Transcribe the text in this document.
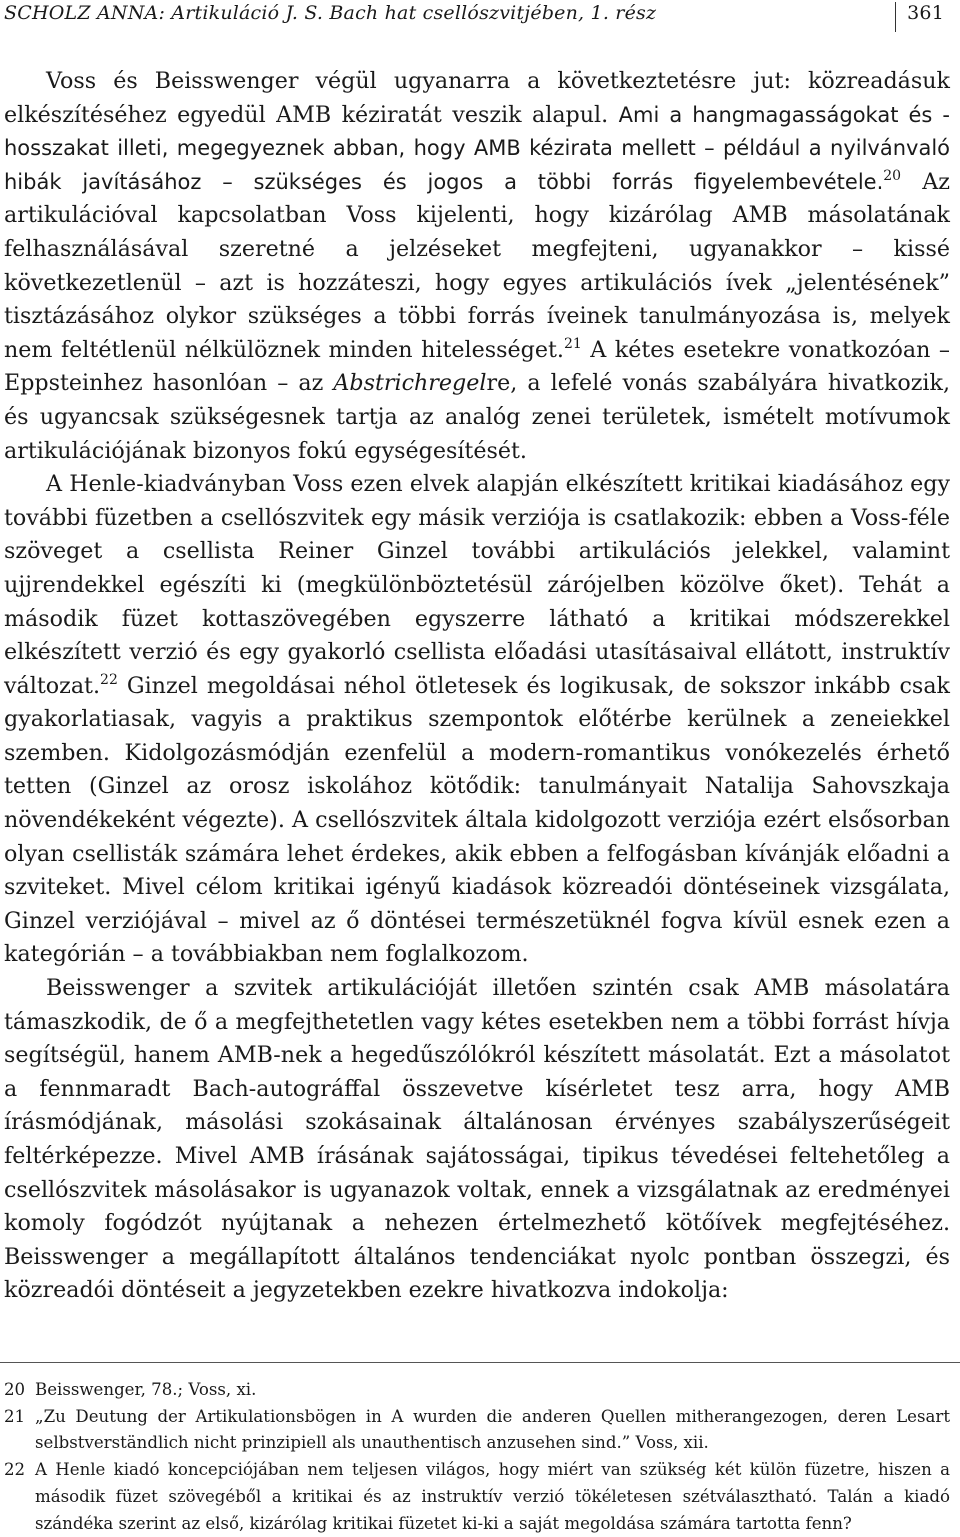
SCHOLZ ANNA: Artikuláció J. S. Bach hat csellószvitjében, 1. rész	361

Voss és Beisswenger végül ugyanarra a következtetésre jut: közreadásuk elkészítéséhez egyedül AMB kéziratát veszik alapul. Ami a hangmagasságokat és -hosszakat illeti, megegyeznek abban, hogy AMB kézirata mellett – például a nyilvánvaló hibák javításához – szükséges és jogos a többi forrás figyelembevétele.$^{20}$ Az artikulációval kapcsolatban Voss kijelenti, hogy kizárólag AMB másolatának felhasználásával szeretné a jelzéseket megfejteni, ugyanakkor – kissé következetlenül – azt is hozzáteszi, hogy egyes artikulációs ívek „jelentésének” tisztázásához olykor szükséges a többi forrás íveinek tanulmányozása is, melyek nem feltétlenül nélkülöznek minden hitelességet.$^{21}$ A kétes esetekre vonatkozóan – Eppsteinhez hasonlóan – az Abstrichregelre, a lefelé vonás szabályára hivatkozik, és ugyancsak szükségesnek tartja az analóg zenei területek, ismételt motívumok artikulációjának bizonyos fokú egységesítését.

A Henle-kiadványban Voss ezen elvek alapján elkészített kritikai kiadásához egy további füzetben a csellószvitek egy másik verziója is csatlakozik: ebben a Voss-féle szöveget a csellista Reiner Ginzel további artikulációs jelekkel, valamint ujjrendekkel egészíti ki (megkülönböztetésül zárójelben közölve őket). Tehát a második füzet kottaszövegében egyszerre látható a kritikai módszerekkel elkészített verzió és egy gyakorló csellista előadási utasításaival ellátott, instruktív változat.$^{22}$ Ginzel megoldásai néhol ötletesek és logikusak, de sokszor inkább csak gyakorlatiasak, vagyis a praktikus szempontok előtérbe kerülnek a zeneiekkel szemben. Kidolgozásmódján ezenfelül a modern-romantikus vonókezelés érhető tetten (Ginzel az orosz iskolához kötődik: tanulmányait Natalija Sahovszkaja növendékeként végezte). A csellószvitek általa kidolgozott verziója ezért elsősorban olyan csellisták számára lehet érdekes, akik ebben a felfogásban kívánják előadni a szviteket. Mivel célom kritikai igényű kiadások közreadói döntéseinek vizsgálata, Ginzel verziójával – mivel az ő döntései természetüknél fogva kívül esnek ezen a kategórián – a továbbiakban nem foglalkozom.

Beisswenger a szvitek artikulációját illetően szintén csak AMB másolatára támaszkodik, de ő a megfejthetetlen vagy kétes esetekben nem a többi forrást hívja segítségül, hanem AMB-nek a hegedűszólókról készített másolatát. Ezt a másolatot a fennmaradt Bach-autográffal összevetve kísérletet tesz arra, hogy AMB írásmódjának, másolási szokásainak általánosan érvényes szabályszerűségeit feltérképezze. Mivel AMB írásának sajátosságai, tipikus tévedései feltehetőleg a csellószvitek másolásakor is ugyanazok voltak, ennek a vizsgálatnak az eredményei komoly fogódzót nyújtanak a nehezen értelmezhető kötőívek megfejtéséhez. Beisswenger a megállapított általános tendenciákat nyolc pontban összegzi, és közreadói döntéseit a jegyzetekben ezekre hivatkozva indokolja:

20 Beisswenger, 78.; Voss, xi.

21 „Zu Deutung der Artikulationsbögen in A wurden die anderen Quellen mitherangezogen, deren Lesart selbstverständlich nicht prinzipiell als unauthentisch anzusehen sind.” Voss, xii.

22 A Henle kiadó koncepciójában nem teljesen világos, hogy miért van szükség két külön füzetre, hiszen a második füzet szövegéből a kritikai és az instruktív verzió tökéletesen szétválasztható. Talán a kiadó szándéka szerint az első, kizárólag kritikai füzetet ki-ki a saját megoldása számára tartotta fenn?
